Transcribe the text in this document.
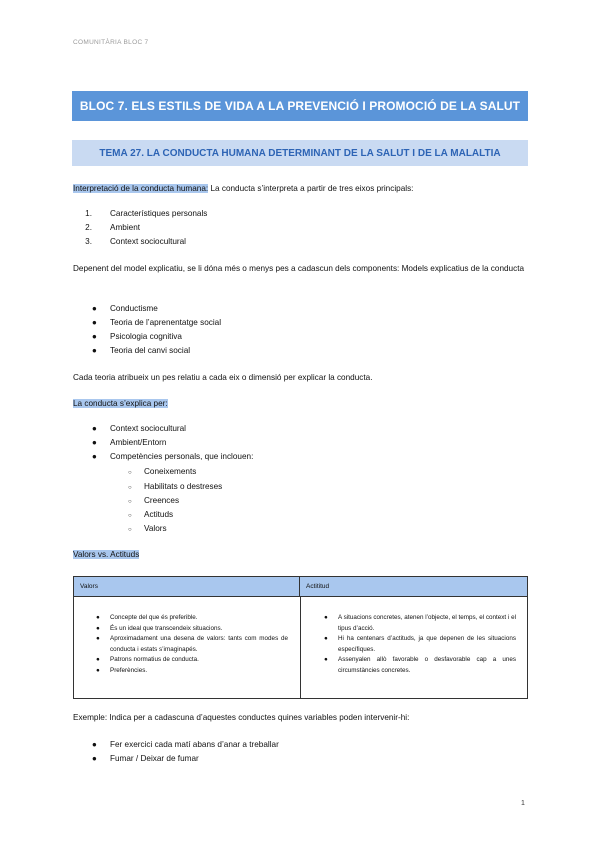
COMUNITÀRIA BLOC 7
BLOC 7. ELS ESTILS DE VIDA A LA PREVENCIÓ I PROMOCIÓ DE LA SALUT
TEMA 27. LA CONDUCTA HUMANA DETERMINANT DE LA SALUT I DE LA MALALTIA
Interpretació de la conducta humana: La conducta s’interpreta a partir de tres eixos principals:
1. Característiques personals
2. Ambient
3. Context sociocultural
Depenent del model explicatiu, se li dóna més o menys pes a cadascun dels components: Models explicatius de la conducta
● Conductisme
● Teoria de l’aprenentatge social
● Psicologia cognitiva
● Teoria del canvi social
Cada teoria atribueix un pes relatiu a cada eix o dimensió per explicar la conducta.
La conducta s’explica per:
● Context sociocultural
● Ambient/Entorn
● Competències personals, que inclouen:
○ Coneixements
○ Habilitats o destreses
○ Creences
○ Actituds
○ Valors
Valors vs. Actituds
Valors	Actititud
● Concepte del que és preferible.
● És un ideal que transcendeix situacions.
● Aproximadament una desena de valors: tants com modes de conducta i estats s’imaginapés.
● Patrons normatius de conducta.
● Preferències.
● A situacions concretes, atenen l’objecte, el temps, el context i el tipus d’acció.
● Hi ha centenars d’actituds, ja que depenen de les situacions específiques.
● Assenyalen allò favorable o desfavorable cap a unes circumstàncies concretes.
Exemple: Indica per a cadascuna d’aquestes conductes quines variables poden intervenir-hi:
● Fer exercici cada matí abans d’anar a treballar
● Fumar / Deixar de fumar
1
